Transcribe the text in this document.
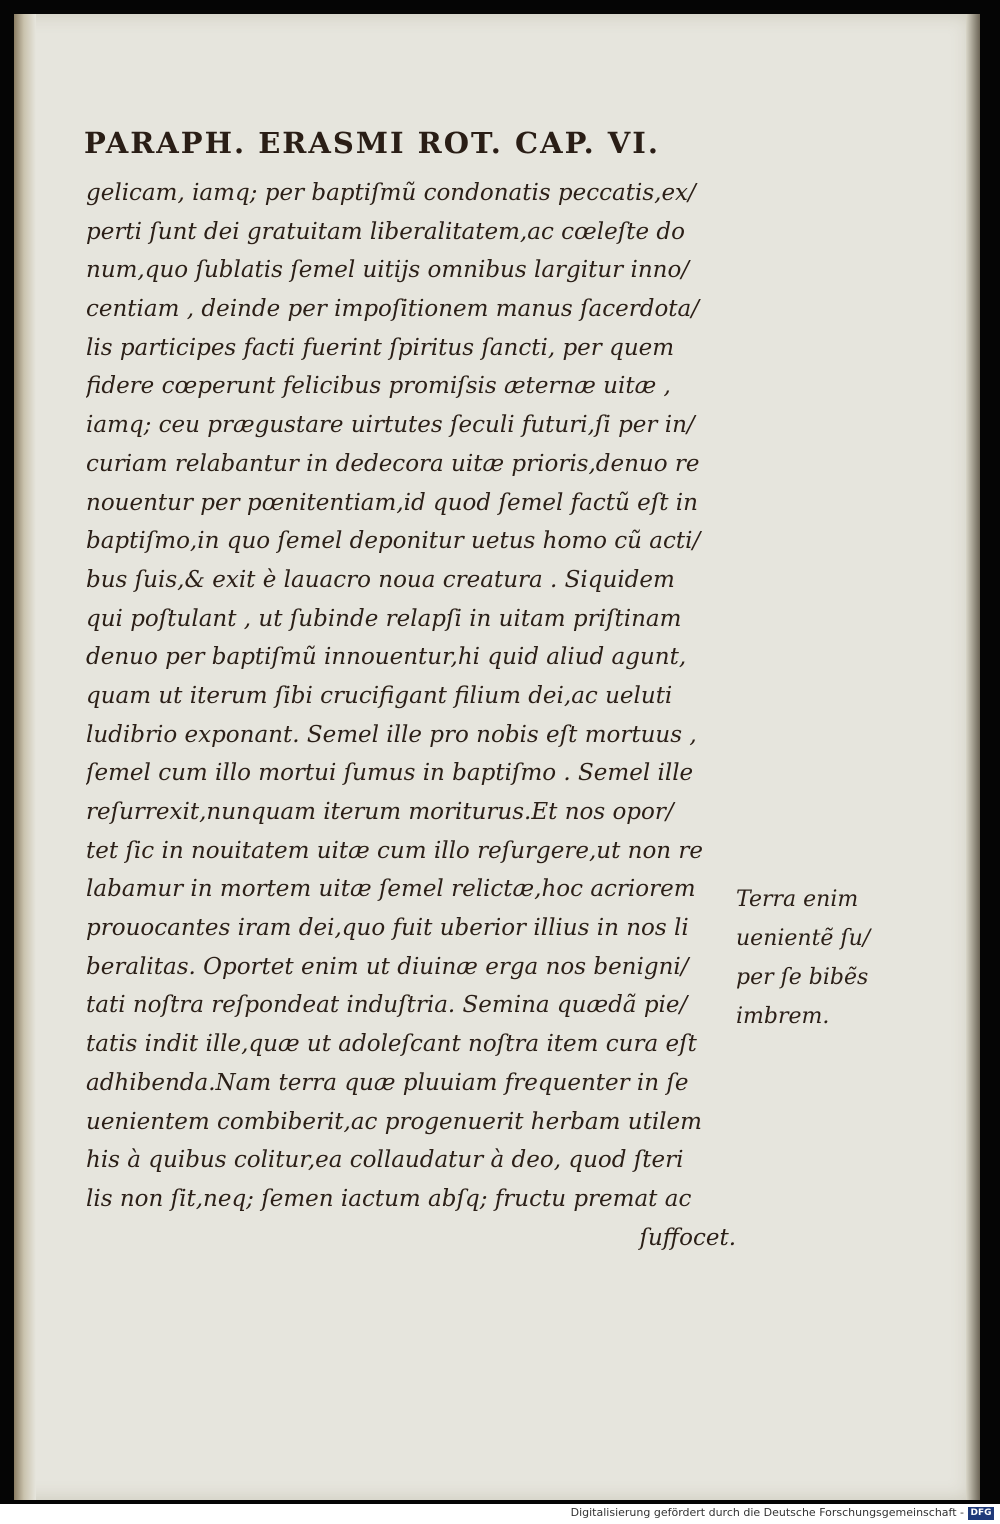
PARAPH. ERASMI ROT. CAP. VI.
gelicam, iamq; per baptiſmũ condonatis peccatis,ex/
perti ſunt dei gratuitam liberalitatem,ac cœleſte do
num,quo ſublatis ſemel uitijs omnibus largitur inno/
centiam , deinde per impoſitionem manus ſacerdota/
lis participes facti fuerint ſpiritus ſancti, per quem
fidere cœperunt felicibus promiſsis æternæ uitæ ,
iamq; ceu prægustare uirtutes ſeculi futuri,ſi per in/
curiam relabantur in dedecora uitæ prioris,denuo re
nouentur per pœnitentiam,id quod ſemel factũ eſt in
baptiſmo,in quo ſemel deponitur uetus homo cũ acti/
bus ſuis,& exit è lauacro noua creatura . Siquidem
qui poſtulant , ut ſubinde relapſi in uitam priſtinam
denuo per baptiſmũ innouentur,hi quid aliud agunt,
quam ut iterum ſibi crucifigant filium dei,ac ueluti
ludibrio exponant. Semel ille pro nobis eſt mortuus ,
ſemel cum illo mortui ſumus in baptiſmo . Semel ille
reſurrexit,nunquam iterum moriturus.Et nos opor/
tet ſic in nouitatem uitæ cum illo reſurgere,ut non re
labamur in mortem uitæ ſemel relictæ,hoc acriorem
prouocantes iram dei,quo fuit uberior illius in nos li
beralitas. Oportet enim ut diuinæ erga nos benigni/
tati noſtra reſpondeat induſtria. Semina quædã pie/
tatis indit ille,quæ ut adoleſcant noſtra item cura eſt
adhibenda.Nam terra quæ pluuiam frequenter in ſe
uenientem combiberit,ac progenuerit herbam utilem
his à quibus colitur,ea collaudatur à deo, quod ſteri
lis non ſit,neq; ſemen iactum abſq; fructu premat ac
ſuffocet.
Terra enim
uenientẽ ſu/
per ſe bibẽs
imbrem.
Digitalisierung gefördert durch die Deutsche Forschungsgemeinschaft - DFG
